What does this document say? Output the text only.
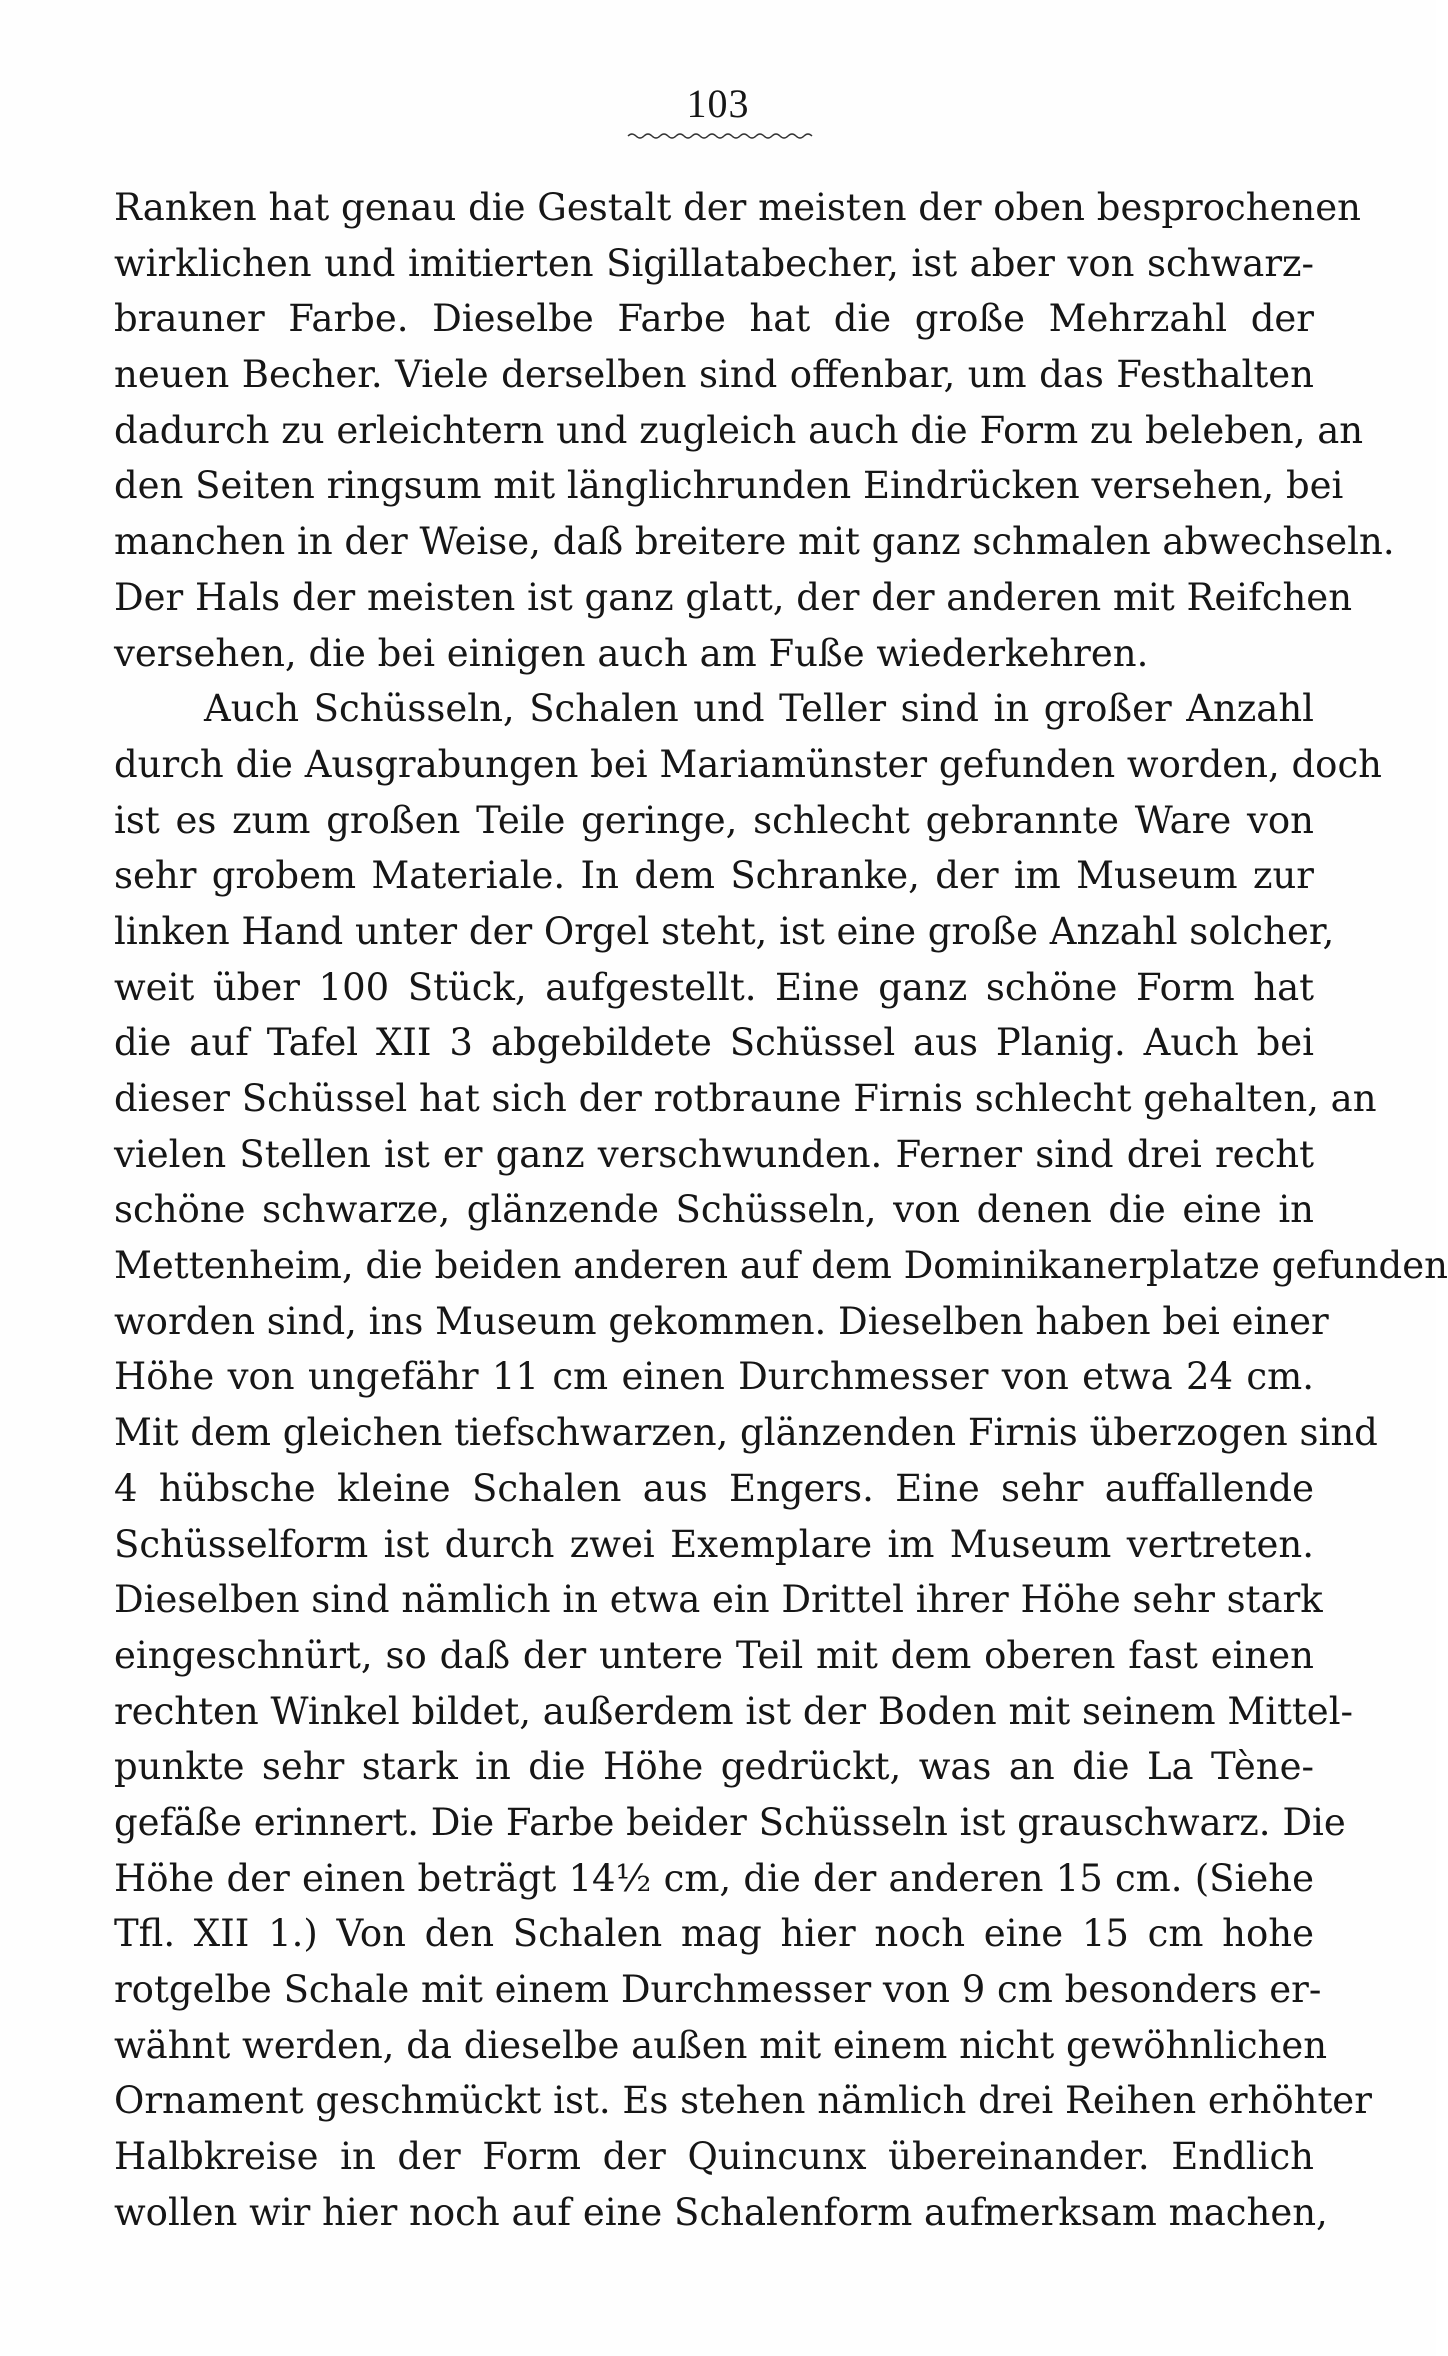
103
Ranken hat genau die Gestalt der meisten der oben besprochenen
wirklichen und imitierten Sigillatabecher, ist aber von schwarz-
brauner Farbe. Dieselbe Farbe hat die große Mehrzahl der
neuen Becher. Viele derselben sind offenbar, um das Festhalten
dadurch zu erleichtern und zugleich auch die Form zu beleben, an
den Seiten ringsum mit länglichrunden Eindrücken versehen, bei
manchen in der Weise, daß breitere mit ganz schmalen abwechseln.
Der Hals der meisten ist ganz glatt, der der anderen mit Reifchen
versehen, die bei einigen auch am Fuße wiederkehren.
Auch Schüsseln, Schalen und Teller sind in großer Anzahl
durch die Ausgrabungen bei Mariamünster gefunden worden, doch
ist es zum großen Teile geringe, schlecht gebrannte Ware von
sehr grobem Materiale. In dem Schranke, der im Museum zur
linken Hand unter der Orgel steht, ist eine große Anzahl solcher,
weit über 100 Stück, aufgestellt. Eine ganz schöne Form hat
die auf Tafel XII 3 abgebildete Schüssel aus Planig. Auch bei
dieser Schüssel hat sich der rotbraune Firnis schlecht gehalten, an
vielen Stellen ist er ganz verschwunden. Ferner sind drei recht
schöne schwarze, glänzende Schüsseln, von denen die eine in
Mettenheim, die beiden anderen auf dem Dominikanerplatze gefunden
worden sind, ins Museum gekommen. Dieselben haben bei einer
Höhe von ungefähr 11 cm einen Durchmesser von etwa 24 cm.
Mit dem gleichen tiefschwarzen, glänzenden Firnis überzogen sind
4 hübsche kleine Schalen aus Engers. Eine sehr auffallende
Schüsselform ist durch zwei Exemplare im Museum vertreten.
Dieselben sind nämlich in etwa ein Drittel ihrer Höhe sehr stark
eingeschnürt, so daß der untere Teil mit dem oberen fast einen
rechten Winkel bildet, außerdem ist der Boden mit seinem Mittel-
punkte sehr stark in die Höhe gedrückt, was an die La Tène-
gefäße erinnert. Die Farbe beider Schüsseln ist grauschwarz. Die
Höhe der einen beträgt 14½ cm, die der anderen 15 cm. (Siehe
Tfl. XII 1.) Von den Schalen mag hier noch eine 15 cm hohe
rotgelbe Schale mit einem Durchmesser von 9 cm besonders er-
wähnt werden, da dieselbe außen mit einem nicht gewöhnlichen
Ornament geschmückt ist. Es stehen nämlich drei Reihen erhöhter
Halbkreise in der Form der Quincunx übereinander. Endlich
wollen wir hier noch auf eine Schalenform aufmerksam machen,
